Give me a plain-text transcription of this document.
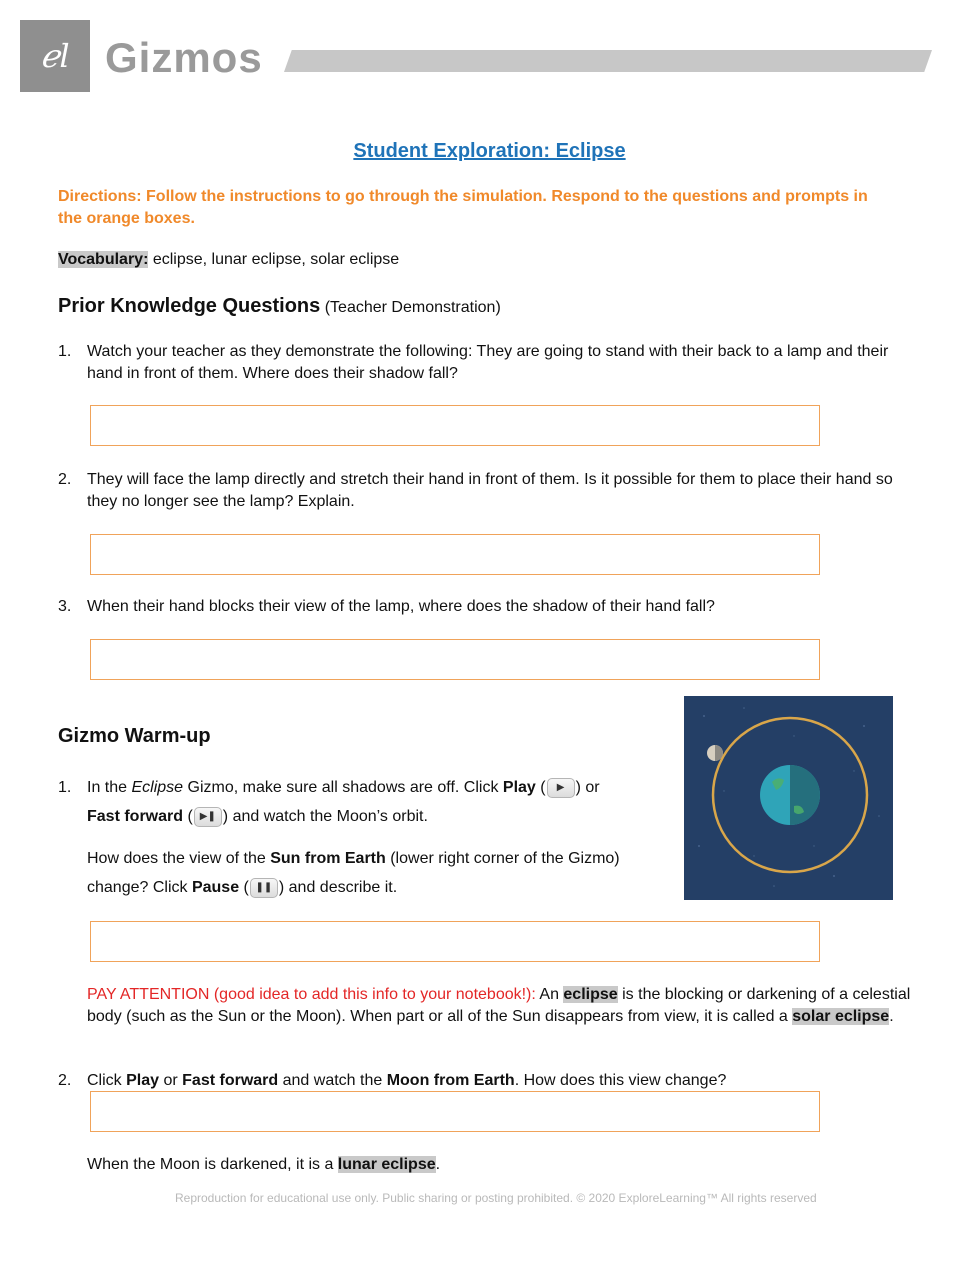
ℯl Gizmos
Student Exploration: Eclipse
Directions: Follow the instructions to go through the simulation. Respond to the questions and prompts in the orange boxes.
Vocabulary: eclipse, lunar eclipse, solar eclipse
Prior Knowledge Questions (Teacher Demonstration)
1. Watch your teacher as they demonstrate the following: They are going to stand with their back to a lamp and their hand in front of them. Where does their shadow fall?
2. They will face the lamp directly and stretch their hand in front of them. Is it possible for them to place their hand so they no longer see the lamp? Explain.
3. When their hand blocks their view of the lamp, where does the shadow of their hand fall?
Gizmo Warm-up
1. In the Eclipse Gizmo, make sure all shadows are off. Click Play ( ▶ ) or
Fast forward ( ▶❚ ) and watch the Moon’s orbit.
How does the view of the Sun from Earth (lower right corner of the Gizmo)
change? Click Pause ( ❚❚ ) and describe it.
PAY ATTENTION (good idea to add this info to your notebook!): An eclipse is the blocking or darkening of a celestial body (such as the Sun or the Moon). When part or all of the Sun disappears from view, it is called a solar eclipse.
2. Click Play or Fast forward and watch the Moon from Earth. How does this view change?
When the Moon is darkened, it is a lunar eclipse.
Reproduction for educational use only. Public sharing or posting prohibited. © 2020 ExploreLearning™ All rights reserved
